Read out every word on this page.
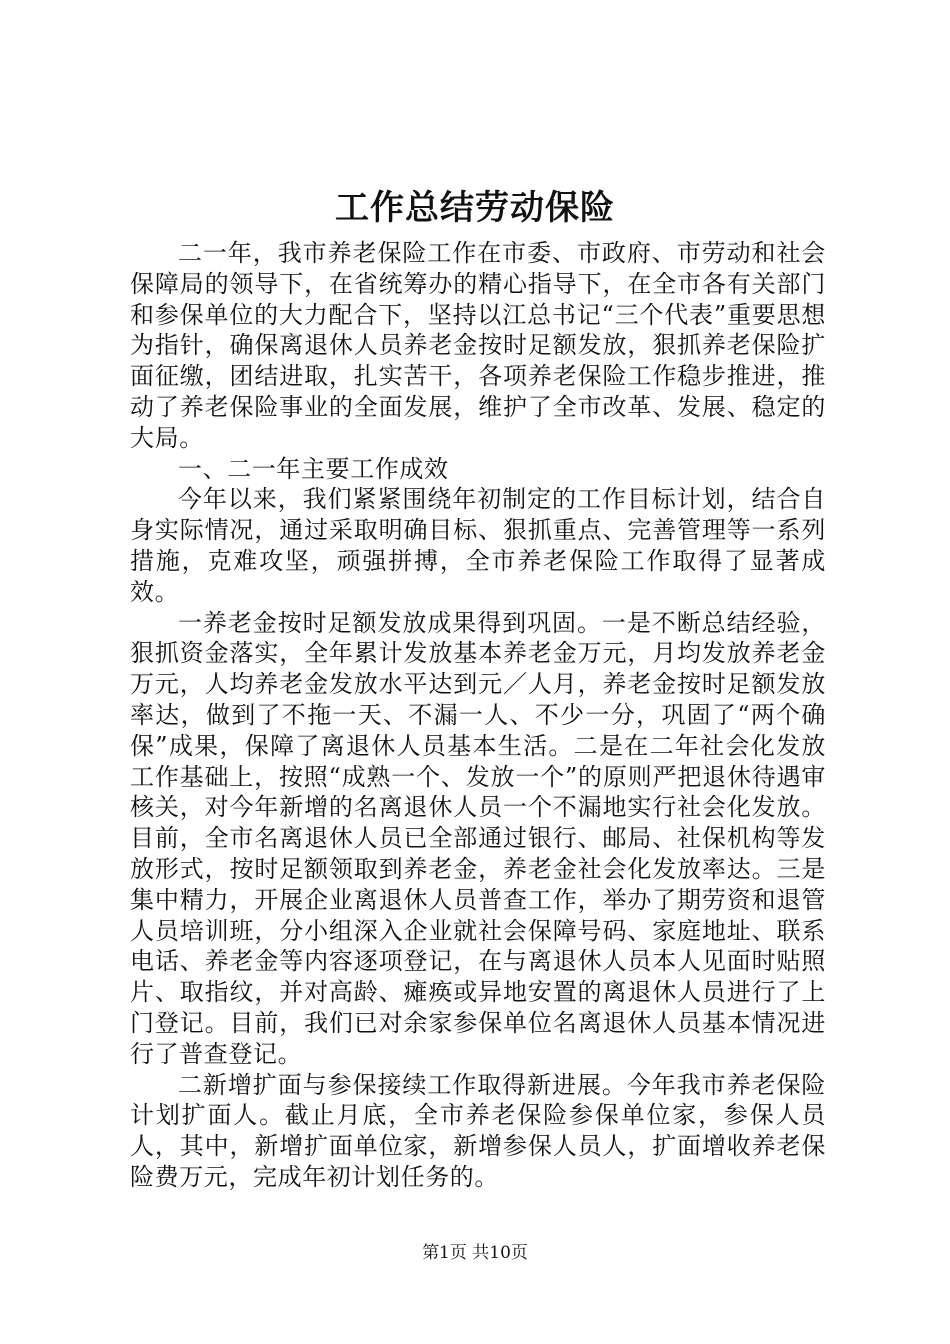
工作总结劳动保险

二一年，我市养老保险工作在市委、市政府、市劳动和社会保障局的领导下，在省统筹办的精心指导下，在全市各有关部门和参保单位的大力配合下，坚持以江总书记“三个代表”重要思想为指针，确保离退休人员养老金按时足额发放，狠抓养老保险扩面征缴，团结进取，扎实苦干，各项养老保险工作稳步推进，推动了养老保险事业的全面发展，维护了全市改革、发展、稳定的大局。

一、二一年主要工作成效

今年以来，我们紧紧围绕年初制定的工作目标计划，结合自身实际情况，通过采取明确目标、狠抓重点、完善管理等一系列措施，克难攻坚，顽强拼搏，全市养老保险工作取得了显著成效。

一养老金按时足额发放成果得到巩固。一是不断总结经验，狠抓资金落实，全年累计发放基本养老金万元，月均发放养老金万元，人均养老金发放水平达到元／人月，养老金按时足额发放率达，做到了不拖一天、不漏一人、不少一分，巩固了“两个确保”成果，保障了离退休人员基本生活。二是在二年社会化发放工作基础上，按照“成熟一个、发放一个”的原则严把退休待遇审核关，对今年新增的名离退休人员一个不漏地实行社会化发放。目前，全市名离退休人员已全部通过银行、邮局、社保机构等发放形式，按时足额领取到养老金，养老金社会化发放率达。三是集中精力，开展企业离退休人员普查工作，举办了期劳资和退管人员培训班，分小组深入企业就社会保障号码、家庭地址、联系电话、养老金等内容逐项登记，在与离退休人员本人见面时贴照片、取指纹，并对高龄、瘫痪或异地安置的离退休人员进行了上门登记。目前，我们已对余家参保单位名离退休人员基本情况进行了普查登记。

二新增扩面与参保接续工作取得新进展。今年我市养老保险计划扩面人。截止月底，全市养老保险参保单位家，参保人员人，其中，新增扩面单位家，新增参保人员人，扩面增收养老保险费万元，完成年初计划任务的。

第1页 共10页
